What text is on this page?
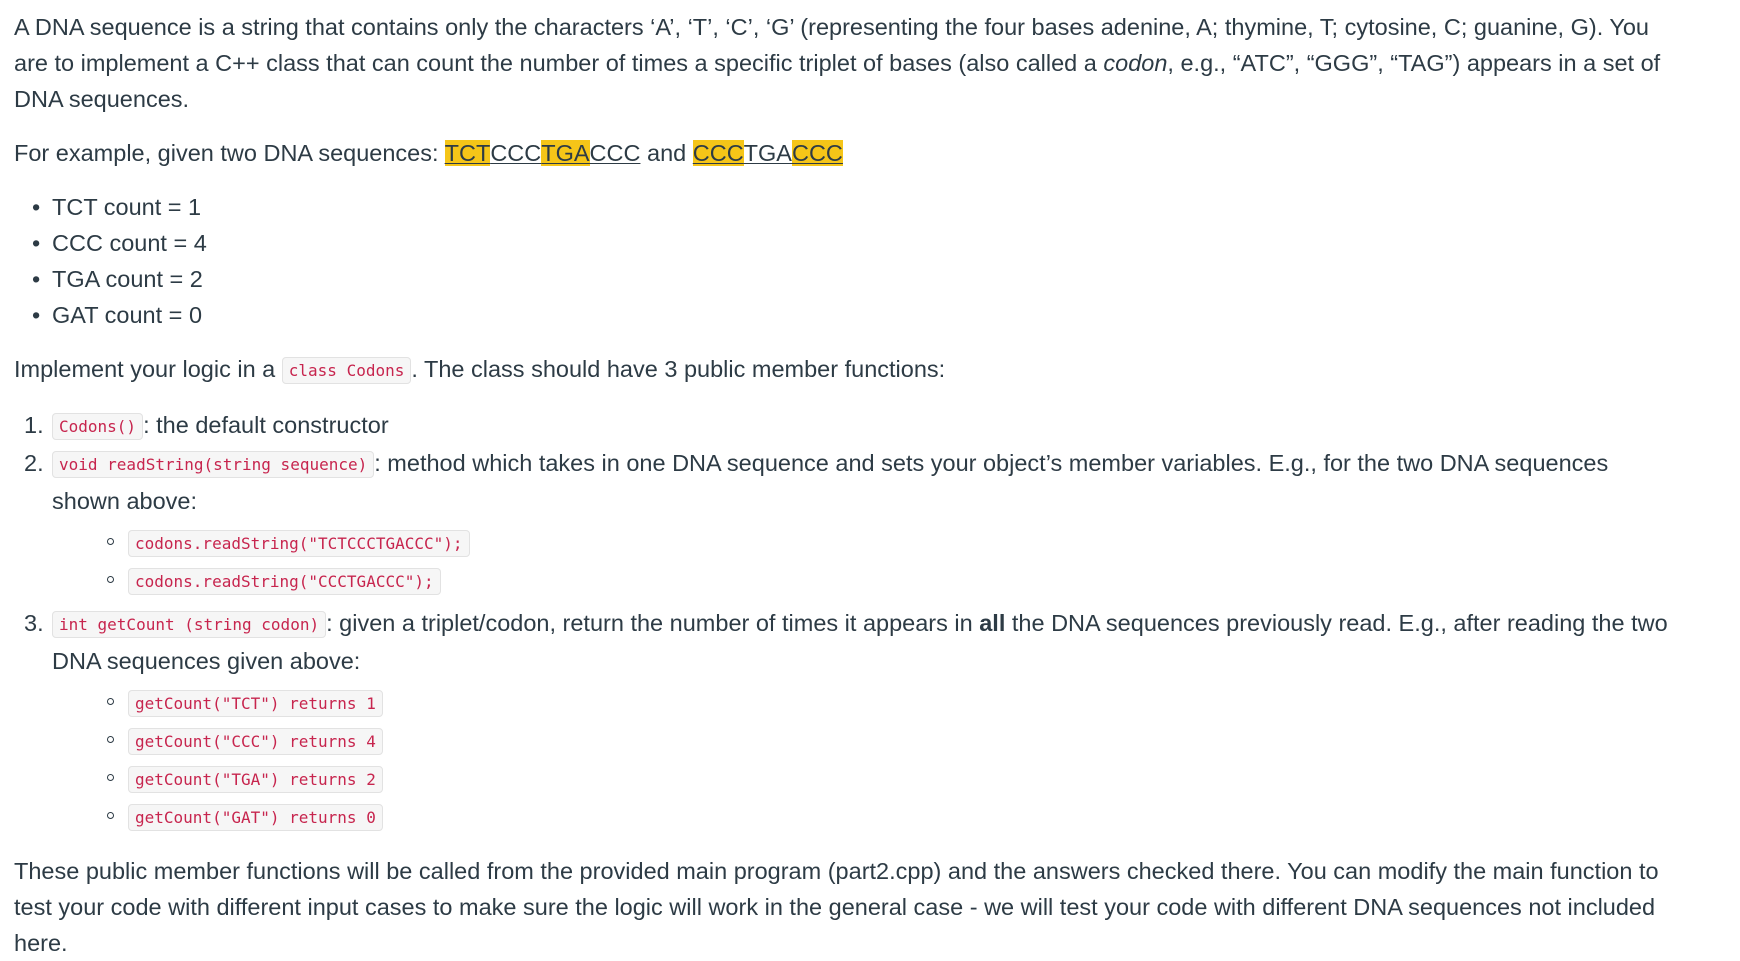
A DNA sequence is a string that contains only the characters ‘A’, ‘T’, ‘C’, ‘G’ (representing the four bases adenine, A; thymine, T; cytosine, C; guanine, G). You are to implement a C++ class that can count the number of times a specific triplet of bases (also called a codon, e.g., “ATC”, “GGG”, “TAG”) appears in a set of DNA sequences.

For example, given two DNA sequences: TCTCCCTGACCC and CCCTGACCC

• TCT count = 1
• CCC count = 4
• TGA count = 2
• GAT count = 0

Implement your logic in a class Codons . The class should have 3 public member functions:

1. Codons() : the default constructor
2. void readString(string sequence) : method which takes in one DNA sequence and sets your object’s member variables. E.g., for the two DNA sequences shown above:
codons.readString("TCTCCCTGACCC");
codons.readString("CCCTGACCC");
3. int getCount (string codon) : given a triplet/codon, return the number of times it appears in all the DNA sequences previously read. E.g., after reading the two DNA sequences given above:
getCount("TCT") returns 1
getCount("CCC") returns 4
getCount("TGA") returns 2
getCount("GAT") returns 0

These public member functions will be called from the provided main program (part2.cpp) and the answers checked there. You can modify the main function to test your code with different input cases to make sure the logic will work in the general case - we will test your code with different DNA sequences not included here.
